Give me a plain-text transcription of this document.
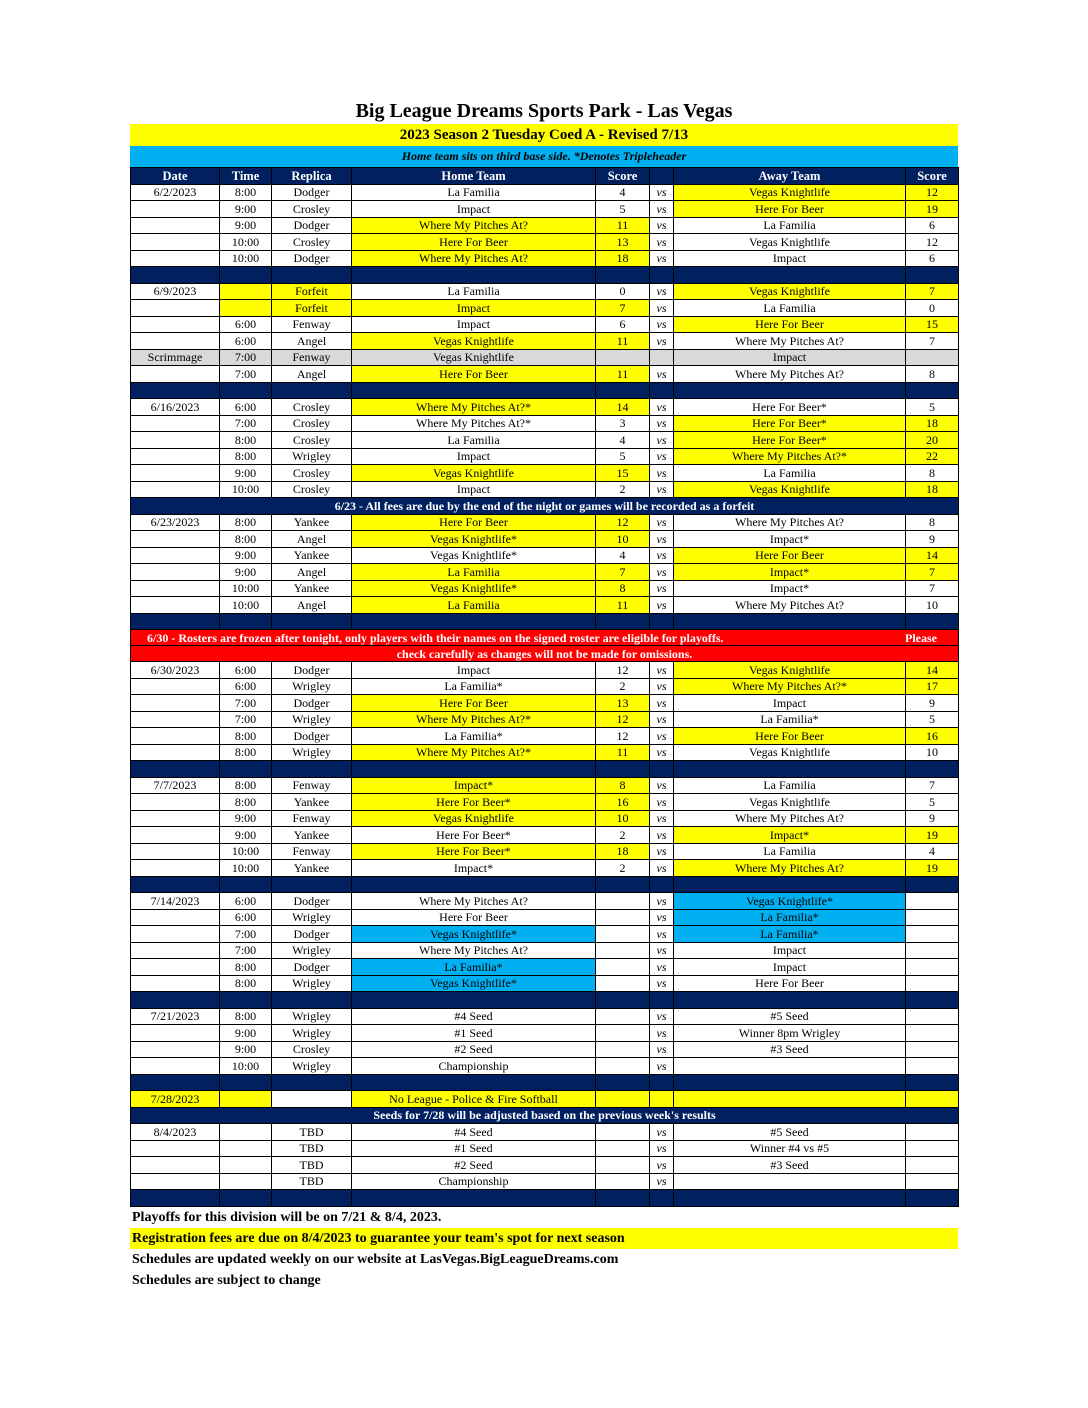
Big League Dreams Sports Park - Las Vegas
2023 Season 2 Tuesday Coed A - Revised 7/13
Home team sits on third base side. *Denotes Tripleheader
Date	Time	Replica	Home Team	Score		Away Team	Score
6/2/2023	8:00	Dodger	La Familia	4	vs	Vegas Knightlife	12
	9:00	Crosley	Impact	5	vs	Here For Beer	19
	9:00	Dodger	Where My Pitches At?	11	vs	La Familia	6
	10:00	Crosley	Here For Beer	13	vs	Vegas Knightlife	12
	10:00	Dodger	Where My Pitches At?	18	vs	Impact	6

6/9/2023		Forfeit	La Familia	0	vs	Vegas Knightlife	7
		Forfeit	Impact	7	vs	La Familia	0
	6:00	Fenway	Impact	6	vs	Here For Beer	15
	6:00	Angel	Vegas Knightlife	11	vs	Where My Pitches At?	7
Scrimmage	7:00	Fenway	Vegas Knightlife			Impact	
	7:00	Angel	Here For Beer	11	vs	Where My Pitches At?	8

6/16/2023	6:00	Crosley	Where My Pitches At?*	14	vs	Here For Beer*	5
	7:00	Crosley	Where My Pitches At?*	3	vs	Here For Beer*	18
	8:00	Crosley	La Familia	4	vs	Here For Beer*	20
	8:00	Wrigley	Impact	5	vs	Where My Pitches At?*	22
	9:00	Crosley	Vegas Knightlife	15	vs	La Familia	8
	10:00	Crosley	Impact	2	vs	Vegas Knightlife	18
6/23 - All fees are due by the end of the night or games will be recorded as a forfeit							
6/23/2023	8:00	Yankee	Here For Beer	12	vs	Where My Pitches At?	8
	8:00	Angel	Vegas Knightlife*	10	vs	Impact*	9
	9:00	Yankee	Vegas Knightlife*	4	vs	Here For Beer	14
	9:00	Angel	La Familia	7	vs	Impact*	7
	10:00	Yankee	Vegas Knightlife*	8	vs	Impact*	7
	10:00	Angel	La Familia	11	vs	Where My Pitches At?	10

6/30 - Rosters are frozen after tonight, only players with their names on the signed roster are eligible for playoffs. Please							

check carefully as changes will not be made for omissions.							
6/30/2023	6:00	Dodger	Impact	12	vs	Vegas Knightlife	14
	6:00	Wrigley	La Familia*	2	vs	Where My Pitches At?*	17
	7:00	Dodger	Here For Beer	13	vs	Impact	9
	7:00	Wrigley	Where My Pitches At?*	12	vs	La Familia*	5
	8:00	Dodger	La Familia*	12	vs	Here For Beer	16
	8:00	Wrigley	Where My Pitches At?*	11	vs	Vegas Knightlife	10

7/7/2023	8:00	Fenway	Impact*	8	vs	La Familia	7
	8:00	Yankee	Here For Beer*	16	vs	Vegas Knightlife	5
	9:00	Fenway	Vegas Knightlife	10	vs	Where My Pitches At?	9
	9:00	Yankee	Here For Beer*	2	vs	Impact*	19
	10:00	Fenway	Here For Beer*	18	vs	La Familia	4
	10:00	Yankee	Impact*	2	vs	Where My Pitches At?	19

7/14/2023	6:00	Dodger	Where My Pitches At?		vs	Vegas Knightlife*	
	6:00	Wrigley	Here For Beer		vs	La Familia*	
	7:00	Dodger	Vegas Knightlife*		vs	La Familia*	
	7:00	Wrigley	Where My Pitches At?		vs	Impact	
	8:00	Dodger	La Familia*		vs	Impact	
	8:00	Wrigley	Vegas Knightlife*		vs	Here For Beer	

7/21/2023	8:00	Wrigley	#4 Seed		vs	#5 Seed	
	9:00	Wrigley	#1 Seed		vs	Winner 8pm Wrigley	
	9:00	Crosley	#2 Seed		vs	#3 Seed	
	10:00	Wrigley	Championship		vs		

7/28/2023			No League - Police & Fire Softball				
Seeds for 7/28 will be adjusted based on the previous week's results							
8/4/2023		TBD	#4 Seed		vs	#5 Seed	
		TBD	#1 Seed		vs	Winner #4 vs #5	
		TBD	#2 Seed		vs	#3 Seed	
		TBD	Championship		vs		

Playoffs for this division will be on 7/21 & 8/4, 2023.
Registration fees are due on 8/4/2023 to guarantee your team's spot for next season
Schedules are updated weekly on our website at LasVegas.BigLeagueDreams.com
Schedules are subject to change
